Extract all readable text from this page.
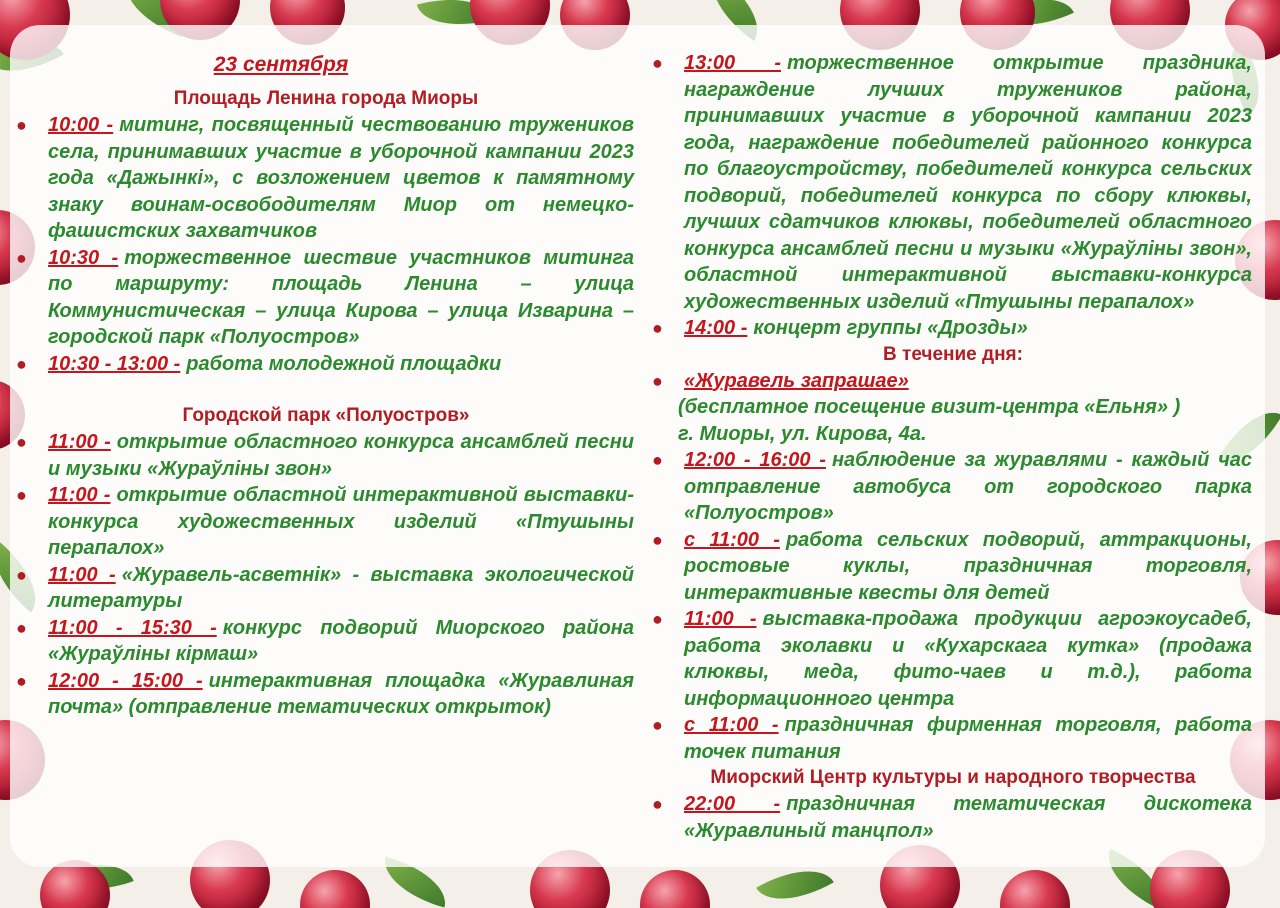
23 сентября
Площадь Ленина города Миоры
● 10:00 - митинг, посвященный чествованию тружеников села, принимавших участие в уборочной кампании 2023 года «Дажынкі», с возложением цветов к памятному знаку воинам-освободителям Миор от немецко-фашистских захватчиков
● 10:30 - торжественное шествие участников митинга по маршруту: площадь Ленина – улица Коммунистическая – улица Кирова – улица Изварина – городской парк «Полуостров»
● 10:30 - 13:00 - работа молодежной площадки
Городской парк «Полуостров»
● 11:00 - открытие областного конкурса ансамблей песни и музыки «Жураўліны звон»
● 11:00 - открытие областной интерактивной выставки-конкурса художественных изделий «Птушыны перапалох»
● 11:00 - «Журавель-асветнік» - выставка экологической литературы
● 11:00 - 15:30 - конкурс подворий Миорского района «Жураўліны кірмаш»
● 12:00 - 15:00 - интерактивная площадка «Журавлиная почта» (отправление тематических открыток)
● 13:00 - торжественное открытие праздника, награждение лучших тружеников района, принимавших участие в уборочной кампании 2023 года, награждение победителей районного конкурса по благоустройству, победителей конкурса сельских подворий, победителей конкурса по сбору клюквы, лучших сдатчиков клюквы, победителей областного конкурса ансамблей песни и музыки «Жураўліны звон», областной интерактивной выставки-конкурса художественных изделий «Птушыны перапалох»
● 14:00 - концерт группы «Дрозды»
В течение дня:
● «Журавель запрашае»
(бесплатное посещение визит-центра «Ельня» )
г. Миоры, ул. Кирова, 4а.
● 12:00 - 16:00 - наблюдение за журавлями - каждый час отправление автобуса от городского парка «Полуостров»
● с 11:00 - работа сельских подворий, аттракционы, ростовые куклы, праздничная торговля, интерактивные квесты для детей
● 11:00 - выставка-продажа продукции агроэкоусадеб, работа эколавки и «Кухарскага кутка» (продажа клюквы, меда, фито-чаев и т.д.), работа информационного центра
● с 11:00 - праздничная фирменная торговля, работа точек питания
Миорский Центр культуры и народного творчества
● 22:00 - праздничная тематическая дискотека «Журавлиный танцпол»
